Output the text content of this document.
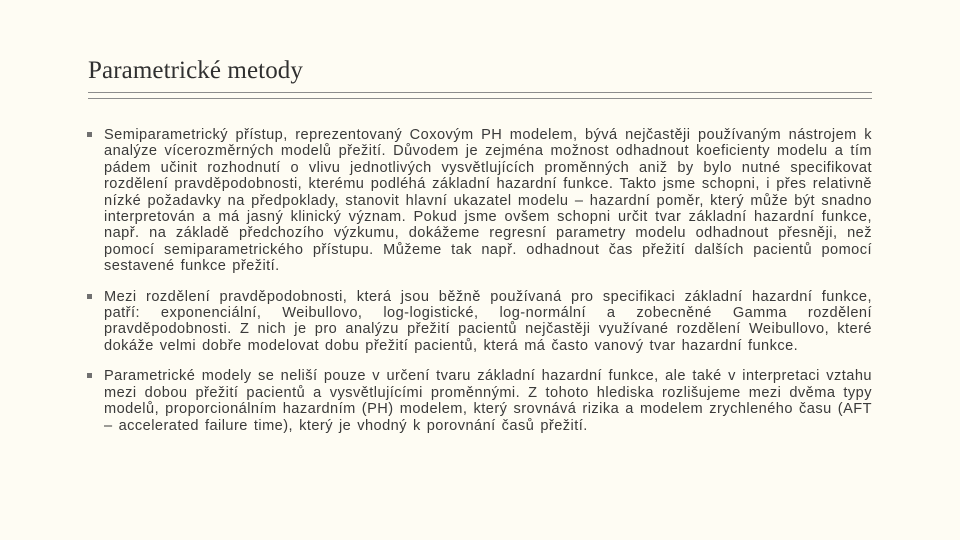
Parametrické metody
Semiparametrický přístup, reprezentovaný Coxovým PH modelem, bývá nejčastěji používaným nástrojem k analýze vícerozměrných modelů přežití. Důvodem je zejména možnost odhadnout koeficienty modelu a tím pádem učinit rozhodnutí o vlivu jednotlivých vysvětlujících proměnných aniž by bylo nutné specifikovat rozdělení pravděpodobnosti, kterému podléhá základní hazardní funkce. Takto jsme schopni, i přes relativně nízké požadavky na předpoklady, stanovit hlavní ukazatel modelu – hazardní poměr, který může být snadno interpretován a má jasný klinický význam. Pokud jsme ovšem schopni určit tvar základní hazardní funkce, např. na základě předchozího výzkumu, dokážeme regresní parametry modelu odhadnout přesněji, než pomocí semiparametrického přístupu. Můžeme tak např. odhadnout čas přežití dalších pacientů pomocí sestavené funkce přežití.
Mezi rozdělení pravděpodobnosti, která jsou běžně používaná pro specifikaci základní hazardní funkce, patří: exponenciální, Weibullovo, log-logistické, log-normální a zobecněné Gamma rozdělení pravděpodobnosti. Z nich je pro analýzu přežití pacientů nejčastěji využívané rozdělení Weibullovo, které dokáže velmi dobře modelovat dobu přežití pacientů, která má často vanový tvar hazardní funkce.
Parametrické modely se neliší pouze v určení tvaru základní hazardní funkce, ale také v interpretaci vztahu mezi dobou přežití pacientů a vysvětlujícími proměnnými. Z tohoto hlediska rozlišujeme mezi dvěma typy modelů, proporcionálním hazardním (PH) modelem, který srovnává rizika a modelem zrychleného času (AFT – accelerated failure time), který je vhodný k porovnání časů přežití.
